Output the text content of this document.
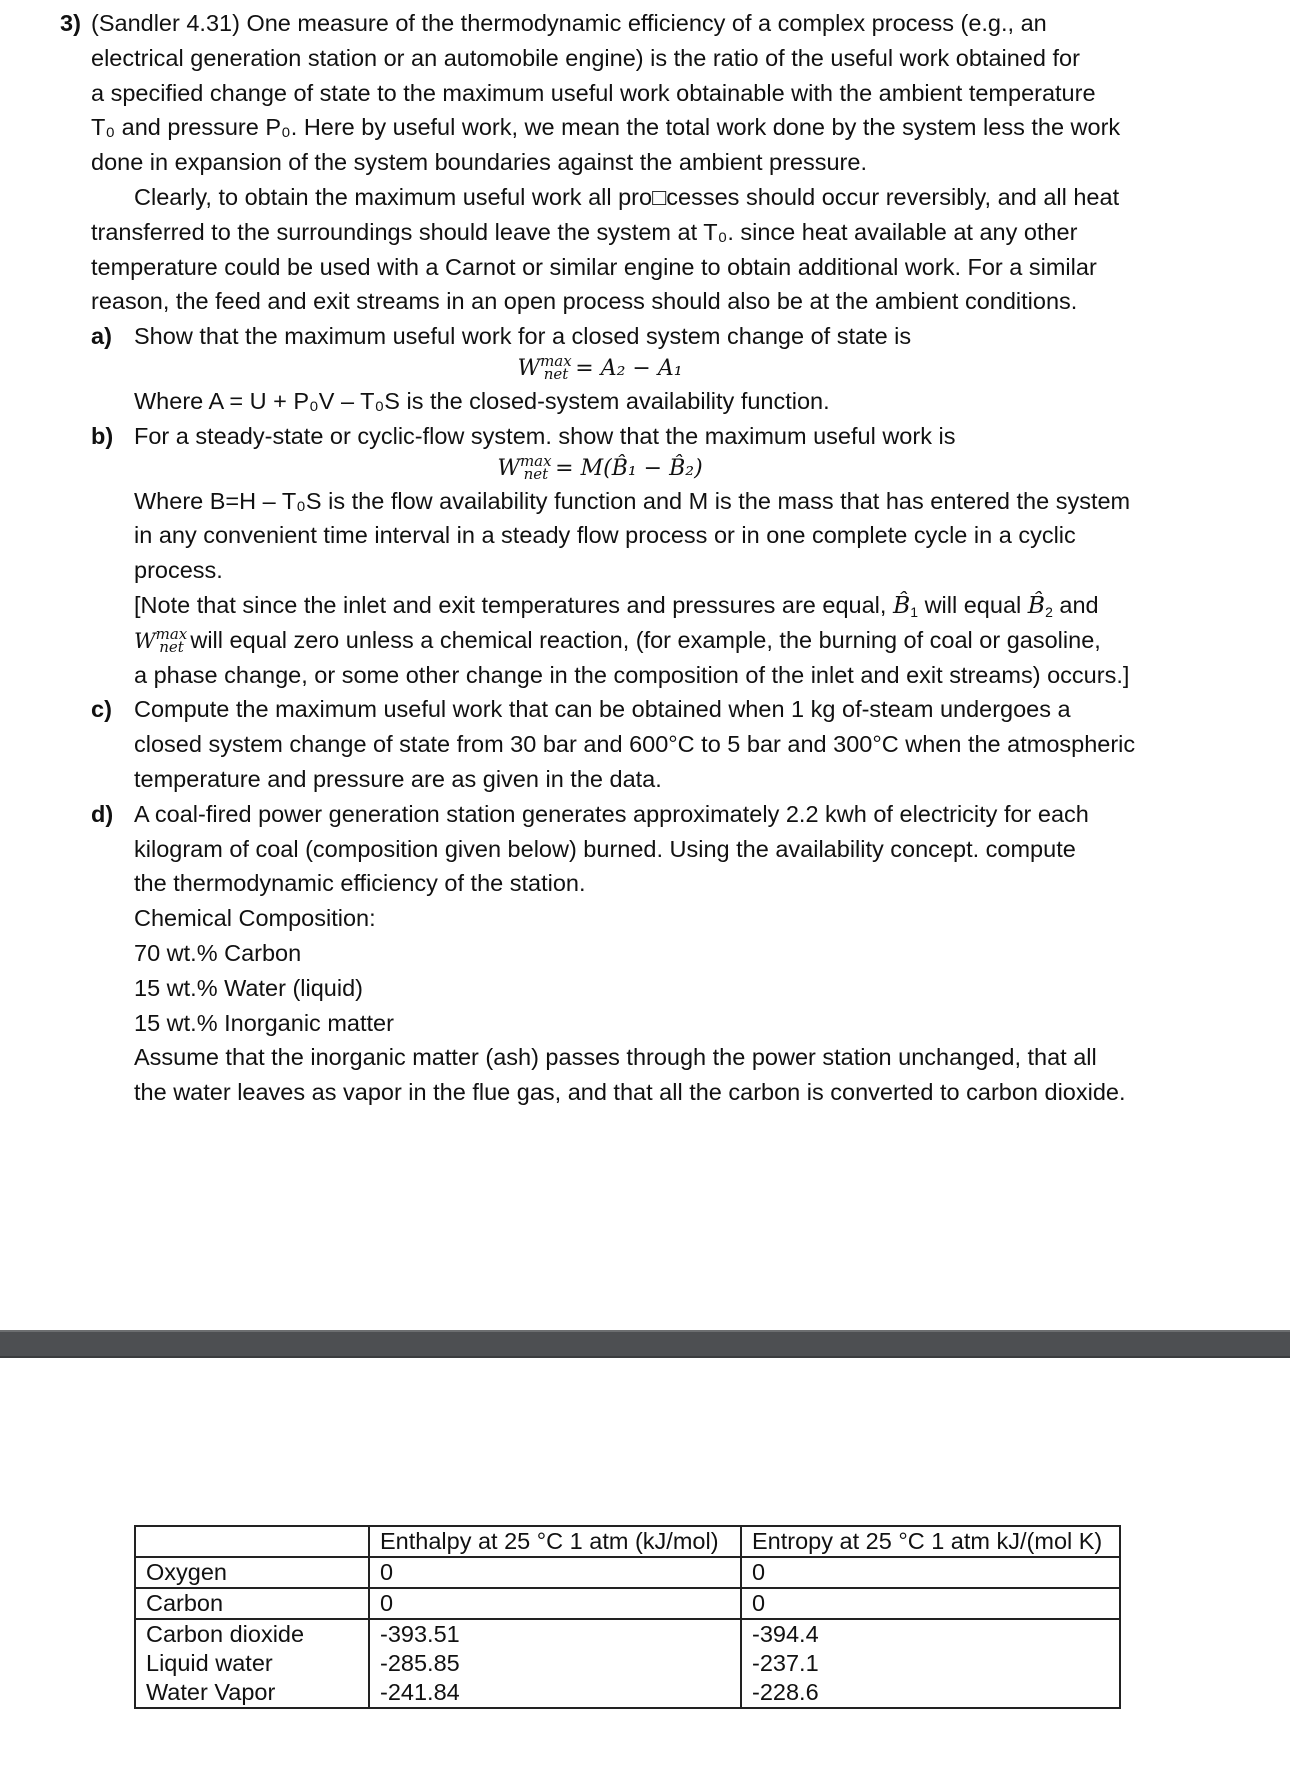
3) (Sandler 4.31) One measure of the thermodynamic efficiency of a complex process (e.g., an
electrical generation station or an automobile engine) is the ratio of the useful work obtained for
a specified change of state to the maximum useful work obtainable with the ambient temperature
T₀ and pressure P₀. Here by useful work, we mean the total work done by the system less the work
done in expansion of the system boundaries against the ambient pressure.
Clearly, to obtain the maximum useful work all pro□cesses should occur reversibly, and all heat
transferred to the surroundings should leave the system at T₀. since heat available at any other
temperature could be used with a Carnot or similar engine to obtain additional work. For a similar
reason, the feed and exit streams in an open process should also be at the ambient conditions.
a) Show that the maximum useful work for a closed system change of state is
$W^{max}net = A_2 - A_1$
Where A = U + P₀V – T₀S is the closed-system availability function.
b) For a steady-state or cyclic-flow system. show that the maximum useful work is
$W^{max}net$ = M(B̂₁ − B̂₂)
Where B=H – T₀S is the flow availability function and M is the mass that has entered the system
in any convenient time interval in a steady flow process or in one complete cycle in a cyclic
process.
[Note that since the inlet and exit temperatures and pressures are equal, B̂1 will equal B̂2 and
$W^{max}net$ will equal zero unless a chemical reaction, (for example, the burning of coal or gasoline,
a phase change, or some other change in the composition of the inlet and exit streams) occurs.]
c) Compute the maximum useful work that can be obtained when 1 kg of-steam undergoes a
closed system change of state from 30 bar and 600°C to 5 bar and 300°C when the atmospheric
temperature and pressure are as given in the data.
d) A coal-fired power generation station generates approximately 2.2 kwh of electricity for each
kilogram of coal (composition given below) burned. Using the availability concept. compute
the thermodynamic efficiency of the station.
Chemical Composition:
70 wt.% Carbon
15 wt.% Water (liquid)
15 wt.% Inorganic matter
Assume that the inorganic matter (ash) passes through the power station unchanged, that all
the water leaves as vapor in the flue gas, and that all the carbon is converted to carbon dioxide.
	Enthalpy at 25 °C 1 atm (kJ/mol)	Entropy at 25 °C 1 atm kJ/(mol K)
Oxygen	0	0
Carbon	0	0
Carbon dioxide	-393.51	-394.4
Liquid water	-285.85	-237.1
Water Vapor	-241.84	-228.6
